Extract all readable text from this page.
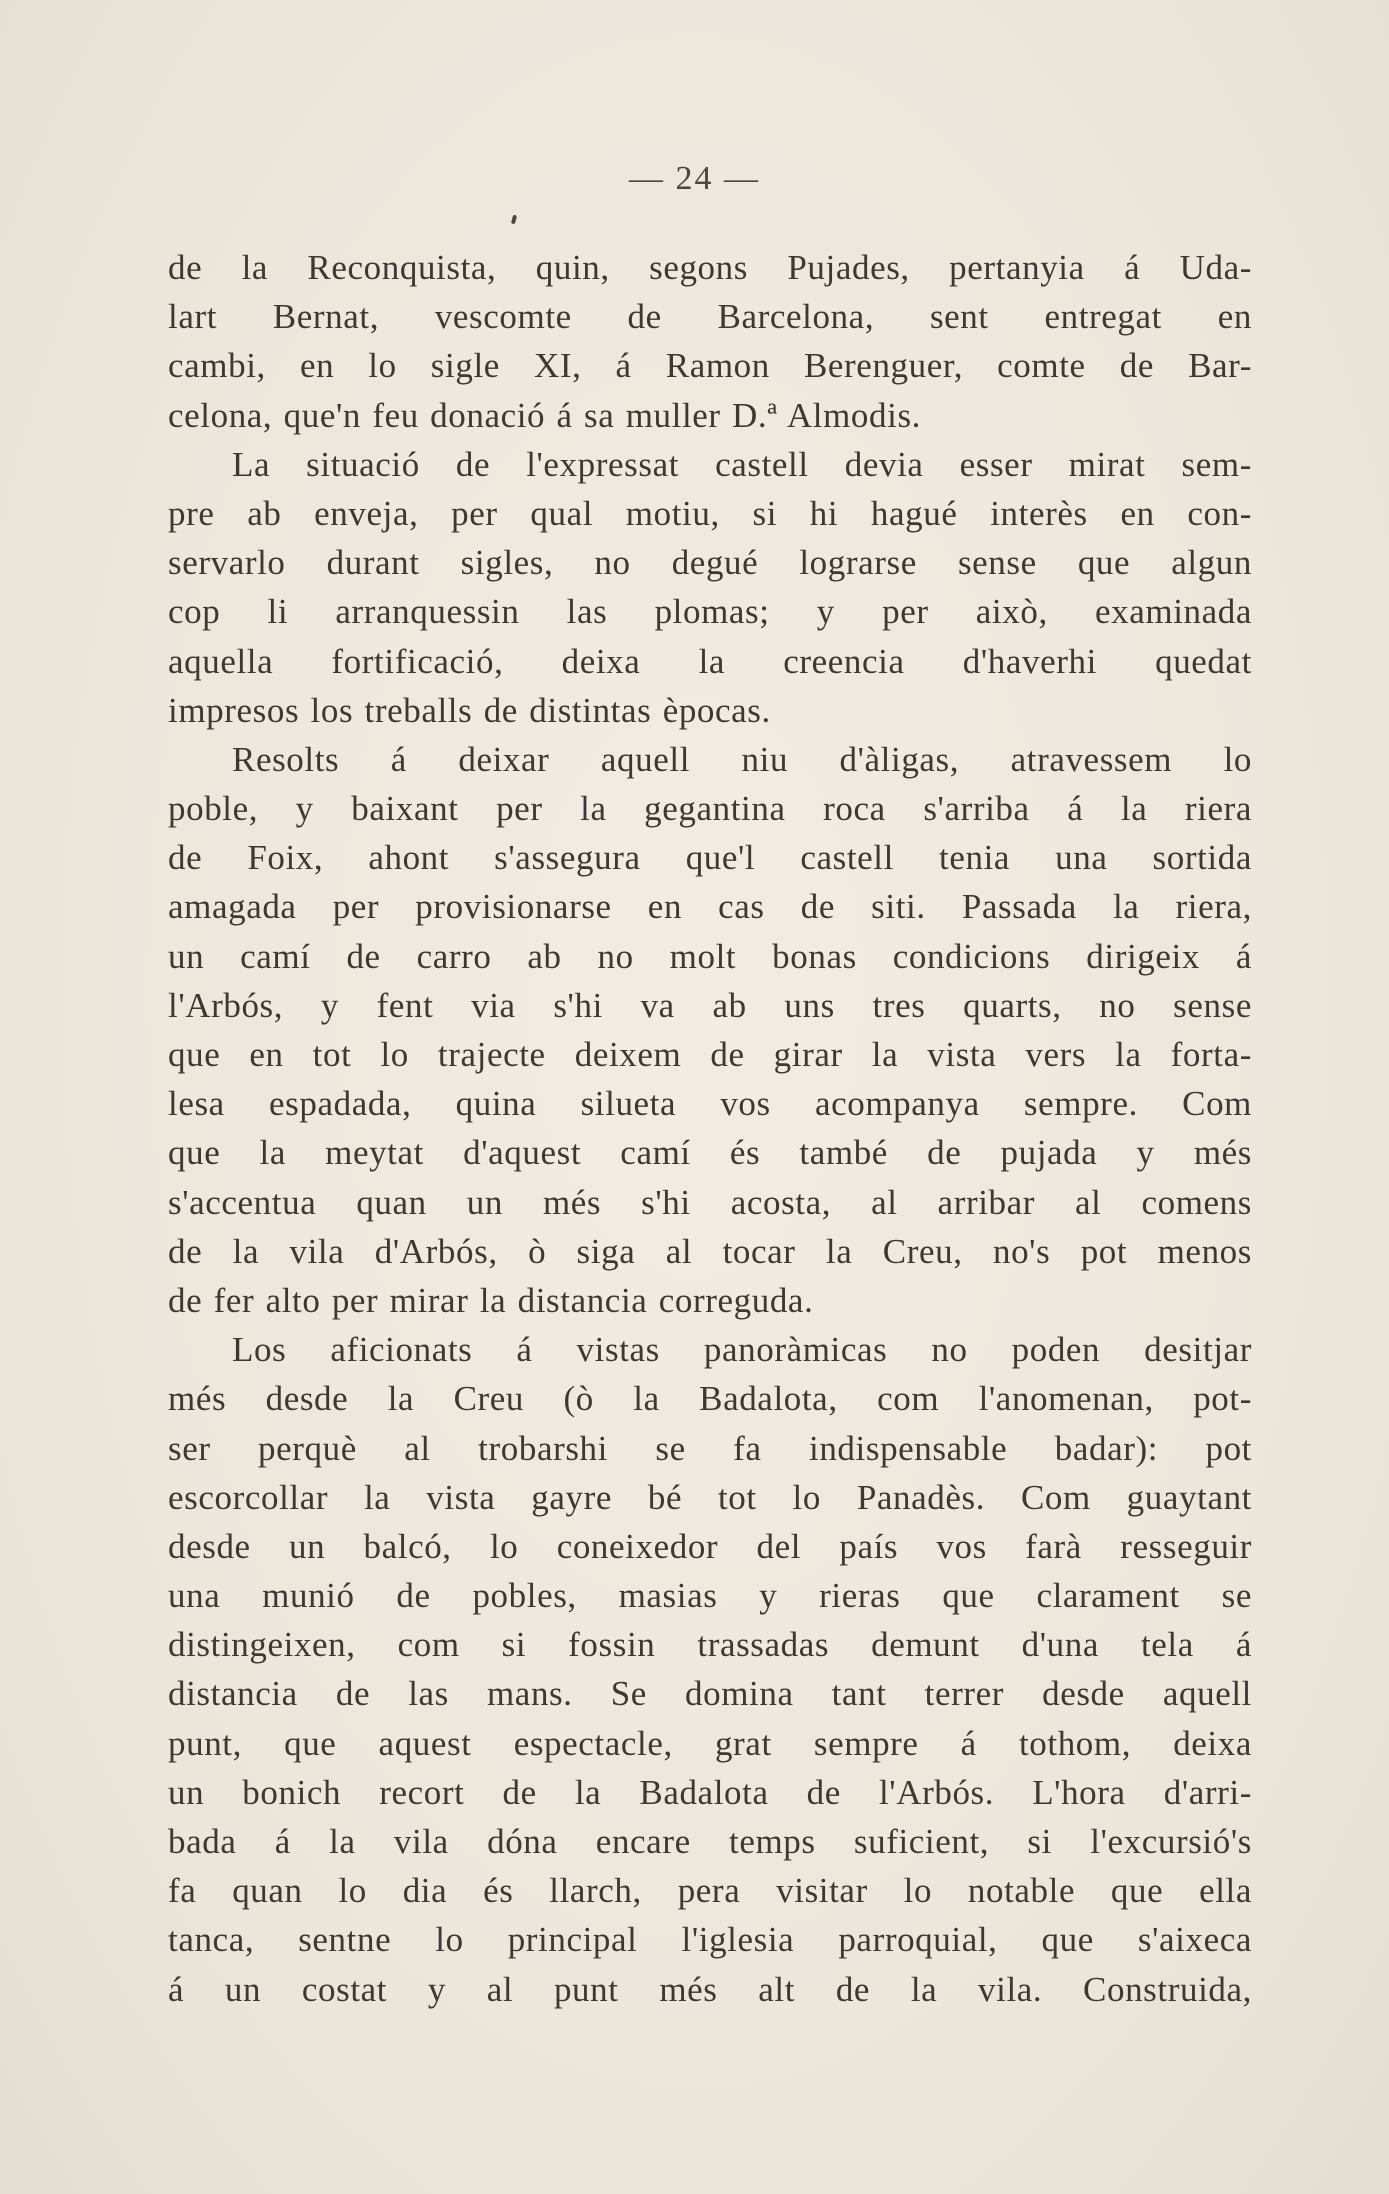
— 24 —
de la Reconquista, quin, segons Pujades, pertanyia á Uda-
lart Bernat, vescomte de Barcelona, sent entregat en
cambi, en lo sigle XI, á Ramon Berenguer, comte de Bar-
celona, que'n feu donació á sa muller D.ª Almodis.
La situació de l'expressat castell devia esser mirat sem-
pre ab enveja, per qual motiu, si hi hagué interès en con-
servarlo durant sigles, no degué lograrse sense que algun
cop li arranquessin las plomas; y per això, examinada
aquella fortificació, deixa la creencia d'haverhi quedat
impresos los treballs de distintas èpocas.
Resolts á deixar aquell niu d'àligas, atravessem lo
poble, y baixant per la gegantina roca s'arriba á la riera
de Foix, ahont s'assegura que'l castell tenia una sortida
amagada per provisionarse en cas de siti. Passada la riera,
un camí de carro ab no molt bonas condicions dirigeix á
l'Arbós, y fent via s'hi va ab uns tres quarts, no sense
que en tot lo trajecte deixem de girar la vista vers la forta-
lesa espadada, quina silueta vos acompanya sempre. Com
que la meytat d'aquest camí és també de pujada y més
s'accentua quan un més s'hi acosta, al arribar al comens
de la vila d'Arbós, ò siga al tocar la Creu, no's pot menos
de fer alto per mirar la distancia correguda.
Los aficionats á vistas panoràmicas no poden desitjar
més desde la Creu (ò la Badalota, com l'anomenan, pot-
ser perquè al trobarshi se fa indispensable badar): pot
escorcollar la vista gayre bé tot lo Panadès. Com guaytant
desde un balcó, lo coneixedor del país vos farà resseguir
una munió de pobles, masias y rieras que clarament se
distingeixen, com si fossin trassadas demunt d'una tela á
distancia de las mans. Se domina tant terrer desde aquell
punt, que aquest espectacle, grat sempre á tothom, deixa
un bonich recort de la Badalota de l'Arbós. L'hora d'arri-
bada á la vila dóna encare temps suficient, si l'excursió's
fa quan lo dia és llarch, pera visitar lo notable que ella
tanca, sentne lo principal l'iglesia parroquial, que s'aixeca
á un costat y al punt més alt de la vila. Construida,
